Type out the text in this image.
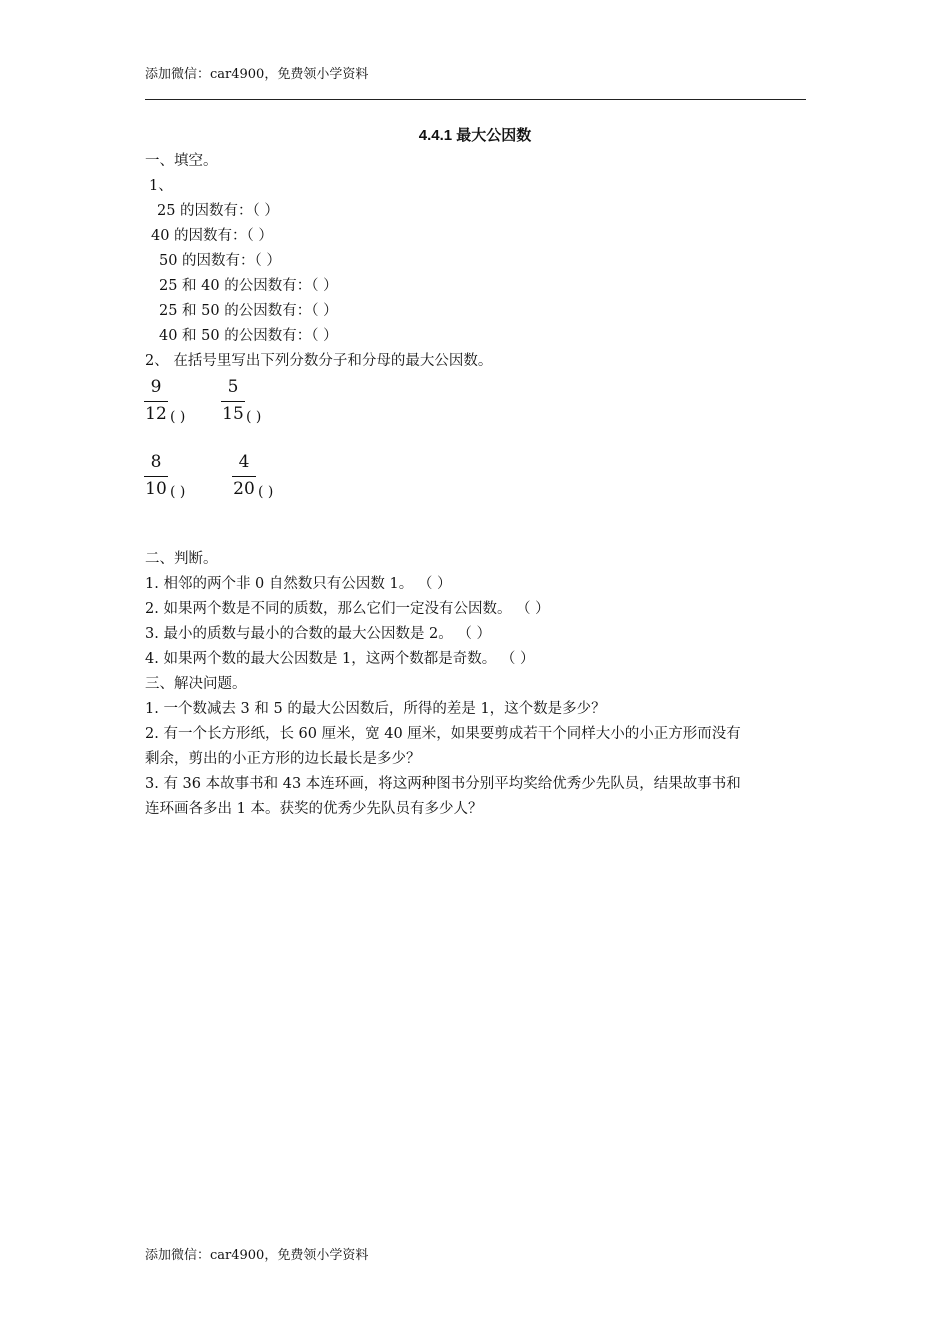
添加微信：car4900，免费领小学资料
4.4.1 最大公因数
一、填空。
1、
25 的因数有：（ ）
40 的因数有：（ ）
50 的因数有：（ ）
25 和 40 的公因数有：（ ）
25 和 50 的公因数有：（ ）
40 和 50 的公因数有：（ ）
2、 在括号里写出下列分数分子和分母的最大公因数。
9
12 ( )
5
15 ( )
8
10 ( )
4
20 ( )
二、判断。
1. 相邻的两个非 0 自然数只有公因数 1。 （ ）
2. 如果两个数是不同的质数，那么它们一定没有公因数。 （ ）
3. 最小的质数与最小的合数的最大公因数是 2。 （ ）
4. 如果两个数的最大公因数是 1，这两个数都是奇数。 （ ）
三、解决问题。
1. 一个数减去 3 和 5 的最大公因数后，所得的差是 1，这个数是多少？
2. 有一个长方形纸，长 60 厘米，宽 40 厘米，如果要剪成若干个同样大小的小正方形而没有
剩余，剪出的小正方形的边长最长是多少？
3. 有 36 本故事书和 43 本连环画，将这两种图书分别平均奖给优秀少先队员，结果故事书和
连环画各多出 1 本。获奖的优秀少先队员有多少人？
添加微信：car4900，免费领小学资料
